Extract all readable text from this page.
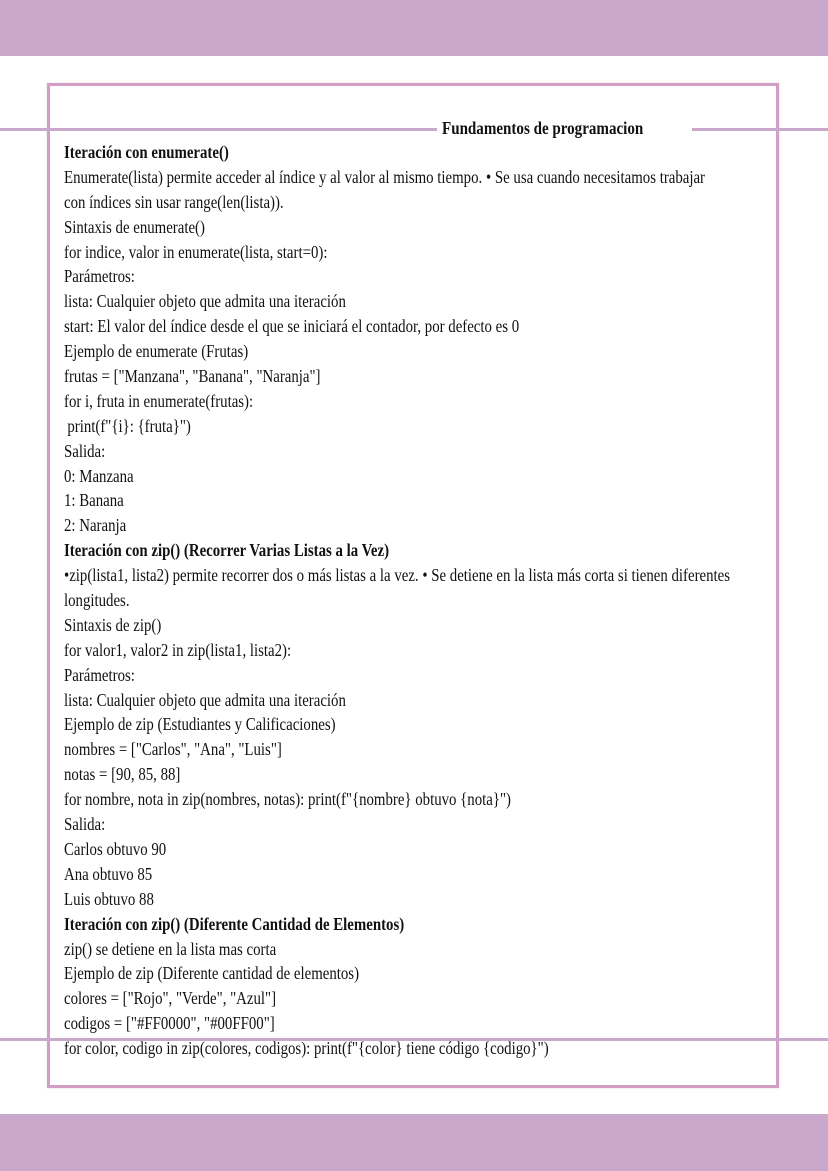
Fundamentos de programacion
Iteración con enumerate()
Enumerate(lista) permite acceder al índice y al valor al mismo tiempo. • Se usa cuando necesitamos trabajar
con índices sin usar range(len(lista)).
Sintaxis de enumerate()
for indice, valor in enumerate(lista, start=0):
Parámetros:
lista: Cualquier objeto que admita una iteración
start: El valor del índice desde el que se iniciará el contador, por defecto es 0
Ejemplo de enumerate (Frutas)
frutas = ["Manzana", "Banana", "Naranja"]
for i, fruta in enumerate(frutas):
print(f"{i}: {fruta}")
Salida:
0: Manzana
1: Banana
2: Naranja
Iteración con zip() (Recorrer Varias Listas a la Vez)
•zip(lista1, lista2) permite recorrer dos o más listas a la vez. • Se detiene en la lista más corta si tienen diferentes
longitudes.
Sintaxis de zip()
for valor1, valor2 in zip(lista1, lista2):
Parámetros:
lista: Cualquier objeto que admita una iteración
Ejemplo de zip (Estudiantes y Calificaciones)
nombres = ["Carlos", "Ana", "Luis"]
notas = [90, 85, 88]
for nombre, nota in zip(nombres, notas): print(f"{nombre} obtuvo {nota}")
Salida:
Carlos obtuvo 90
Ana obtuvo 85
Luis obtuvo 88
Iteración con zip() (Diferente Cantidad de Elementos)
zip() se detiene en la lista mas corta
Ejemplo de zip (Diferente cantidad de elementos)
colores = ["Rojo", "Verde", "Azul"]
codigos = ["#FF0000", "#00FF00"]
for color, codigo in zip(colores, codigos): print(f"{color} tiene código {codigo}")
